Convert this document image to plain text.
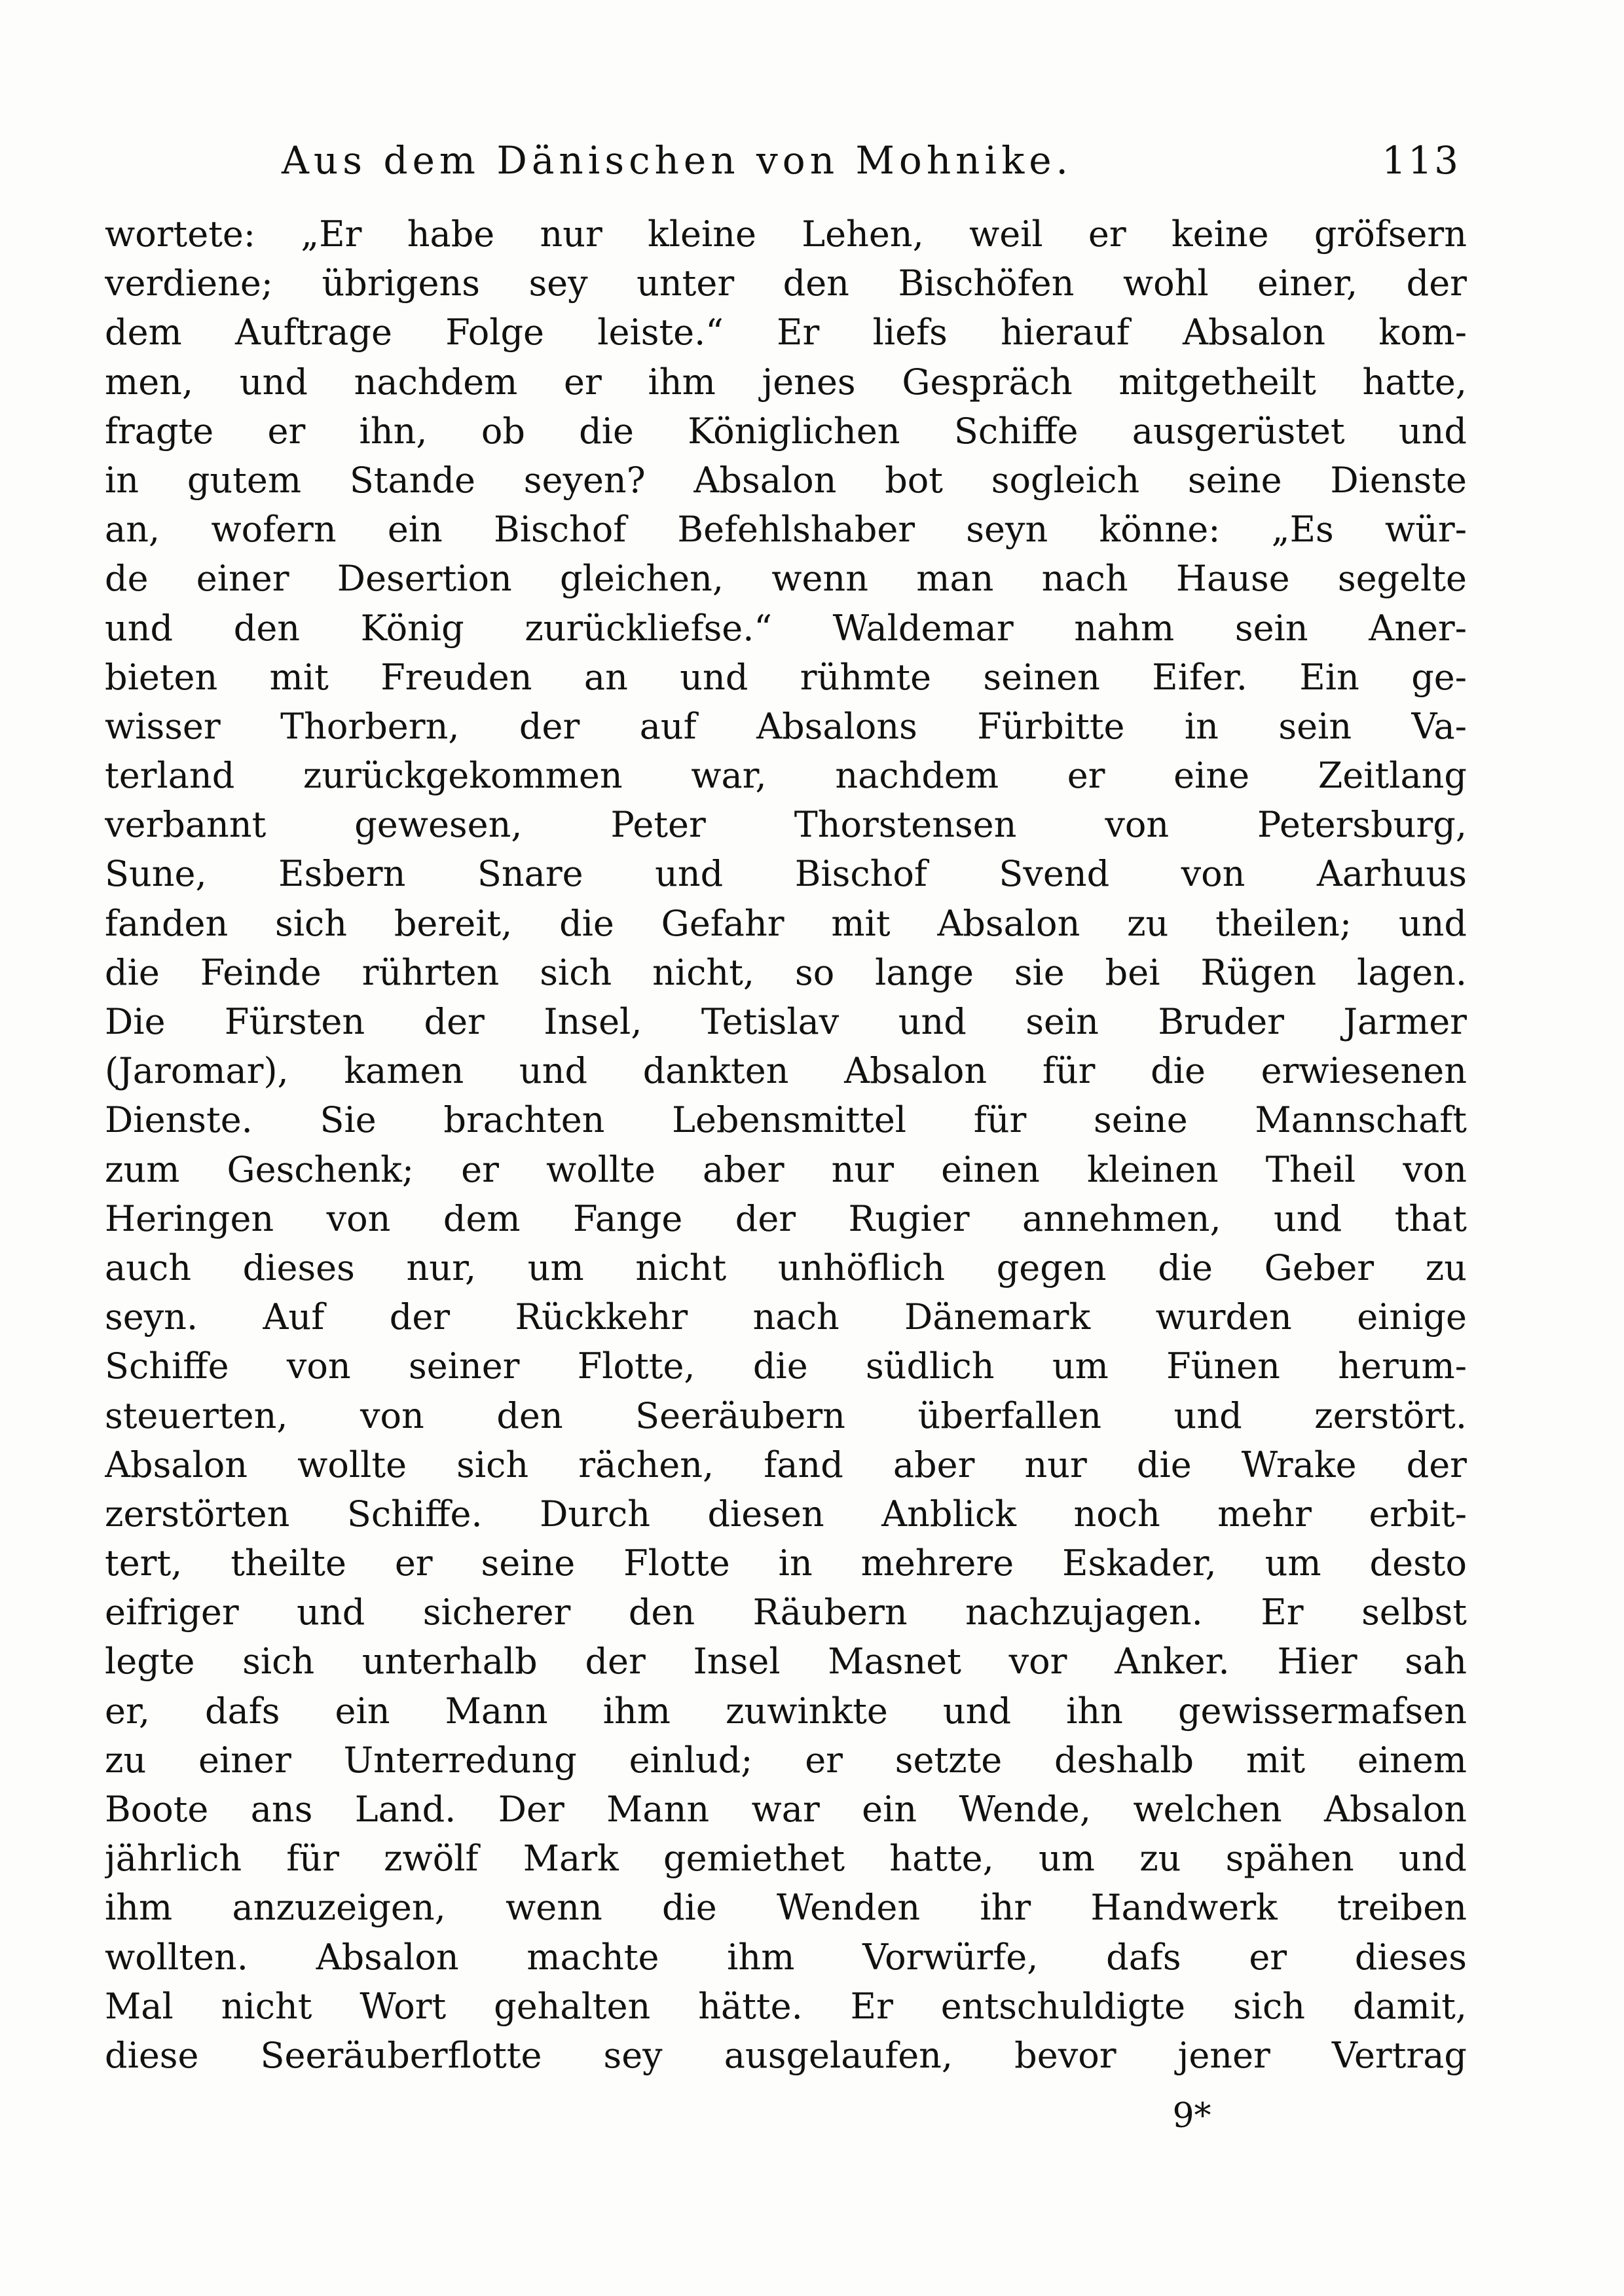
Aus dem Dänischen von Mohnike.	113
wortete: „Er habe nur kleine Lehen, weil er keine gröfsern
verdiene; übrigens sey unter den Bischöfen wohl einer, der
dem Auftrage Folge leiste.“ Er liefs hierauf Absalon kom-
men, und nachdem er ihm jenes Gespräch mitgetheilt hatte,
fragte er ihn, ob die Königlichen Schiffe ausgerüstet und
in gutem Stande seyen? Absalon bot sogleich seine Dienste
an, wofern ein Bischof Befehlshaber seyn könne: „Es wür-
de einer Desertion gleichen, wenn man nach Hause segelte
und den König zurückliefse.“ Waldemar nahm sein Aner-
bieten mit Freuden an und rühmte seinen Eifer. Ein ge-
wisser Thorbern, der auf Absalons Fürbitte in sein Va-
terland zurückgekommen war, nachdem er eine Zeitlang
verbannt gewesen, Peter Thorstensen von Petersburg,
Sune, Esbern Snare und Bischof Svend von Aarhuus
fanden sich bereit, die Gefahr mit Absalon zu theilen; und
die Feinde rührten sich nicht, so lange sie bei Rügen lagen.
Die Fürsten der Insel, Tetislav und sein Bruder Jarmer
(Jaromar), kamen und dankten Absalon für die erwiesenen
Dienste. Sie brachten Lebensmittel für seine Mannschaft
zum Geschenk; er wollte aber nur einen kleinen Theil von
Heringen von dem Fange der Rugier annehmen, und that
auch dieses nur, um nicht unhöflich gegen die Geber zu
seyn. Auf der Rückkehr nach Dänemark wurden einige
Schiffe von seiner Flotte, die südlich um Fünen herum-
steuerten, von den Seeräubern überfallen und zerstört.
Absalon wollte sich rächen, fand aber nur die Wrake der
zerstörten Schiffe. Durch diesen Anblick noch mehr erbit-
tert, theilte er seine Flotte in mehrere Eskader, um desto
eifriger und sicherer den Räubern nachzujagen. Er selbst
legte sich unterhalb der Insel Masnet vor Anker. Hier sah
er, dafs ein Mann ihm zuwinkte und ihn gewissermafsen
zu einer Unterredung einlud; er setzte deshalb mit einem
Boote ans Land. Der Mann war ein Wende, welchen Absalon
jährlich für zwölf Mark gemiethet hatte, um zu spähen und
ihm anzuzeigen, wenn die Wenden ihr Handwerk treiben
wollten. Absalon machte ihm Vorwürfe, dafs er dieses
Mal nicht Wort gehalten hätte. Er entschuldigte sich damit,
diese Seeräuberflotte sey ausgelaufen, bevor jener Vertrag
9*
